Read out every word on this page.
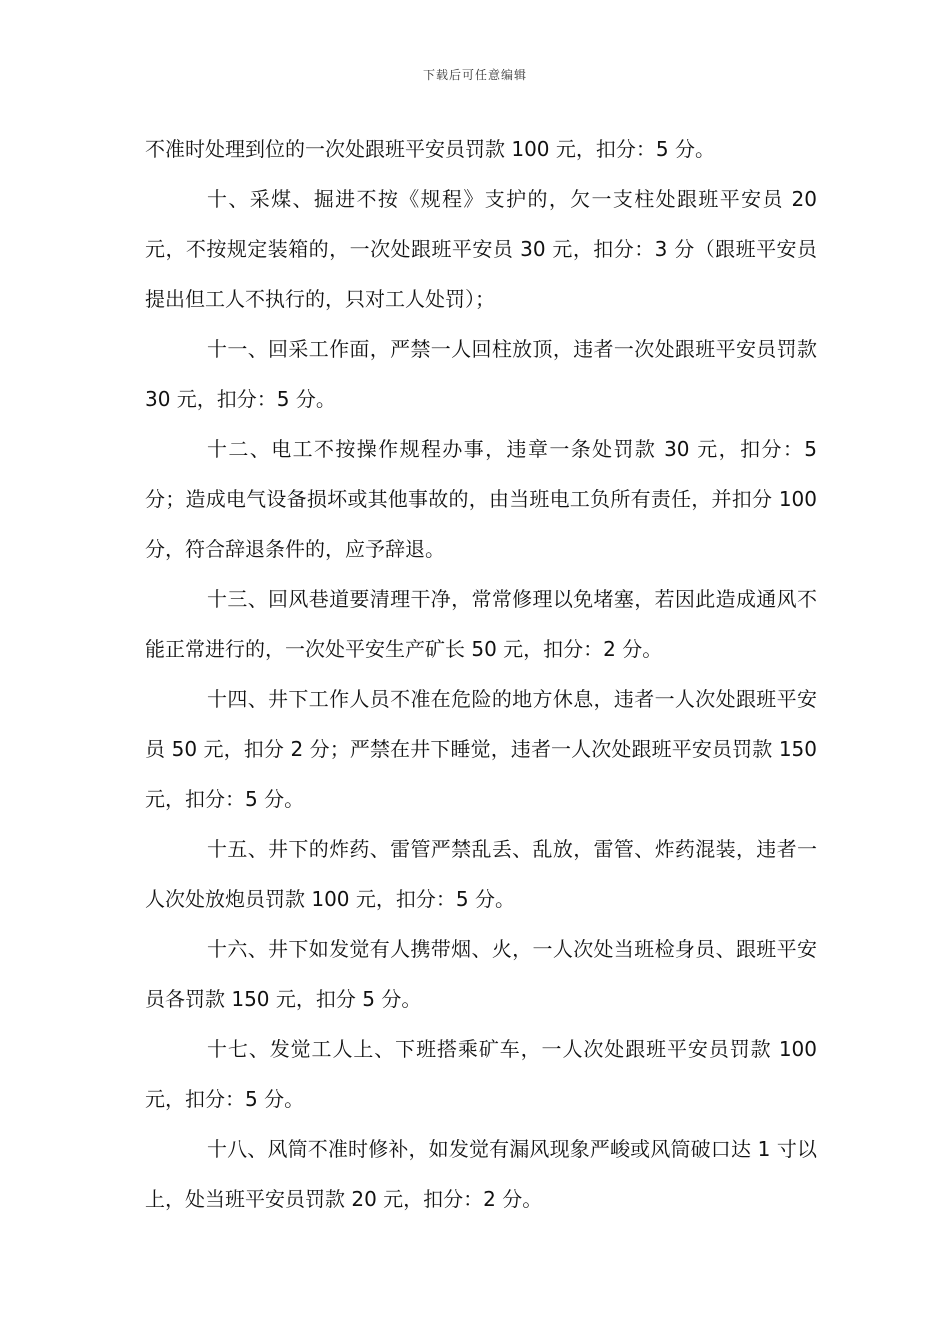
下载后可任意编辑

不准时处理到位的一次处跟班平安员罚款 100 元，扣分：5 分。

十、采煤、掘进不按《规程》支护的，欠一支柱处跟班平安员 20 元，不按规定装箱的，一次处跟班平安员 30 元，扣分：3 分（跟班平安员提出但工人不执行的，只对工人处罚）；

十一、回采工作面，严禁一人回柱放顶，违者一次处跟班平安员罚款 30 元，扣分：5 分。

十二、电工不按操作规程办事，违章一条处罚款 30 元，扣分：5 分；造成电气设备损坏或其他事故的，由当班电工负所有责任，并扣分 100 分，符合辞退条件的，应予辞退。

十三、回风巷道要清理干净，常常修理以免堵塞，若因此造成通风不能正常进行的，一次处平安生产矿长 50 元，扣分：2 分。

十四、井下工作人员不准在危险的地方休息，违者一人次处跟班平安员 50 元，扣分 2 分；严禁在井下睡觉，违者一人次处跟班平安员罚款 150 元，扣分：5 分。

十五、井下的炸药、雷管严禁乱丢、乱放，雷管、炸药混装，违者一人次处放炮员罚款 100 元，扣分：5 分。

十六、井下如发觉有人携带烟、火，一人次处当班检身员、跟班平安员各罚款 150 元，扣分 5 分。

十七、发觉工人上、下班搭乘矿车，一人次处跟班平安员罚款 100 元，扣分：5 分。

十八、风筒不准时修补，如发觉有漏风现象严峻或风筒破口达 1 寸以上，处当班平安员罚款 20 元，扣分：2 分。
